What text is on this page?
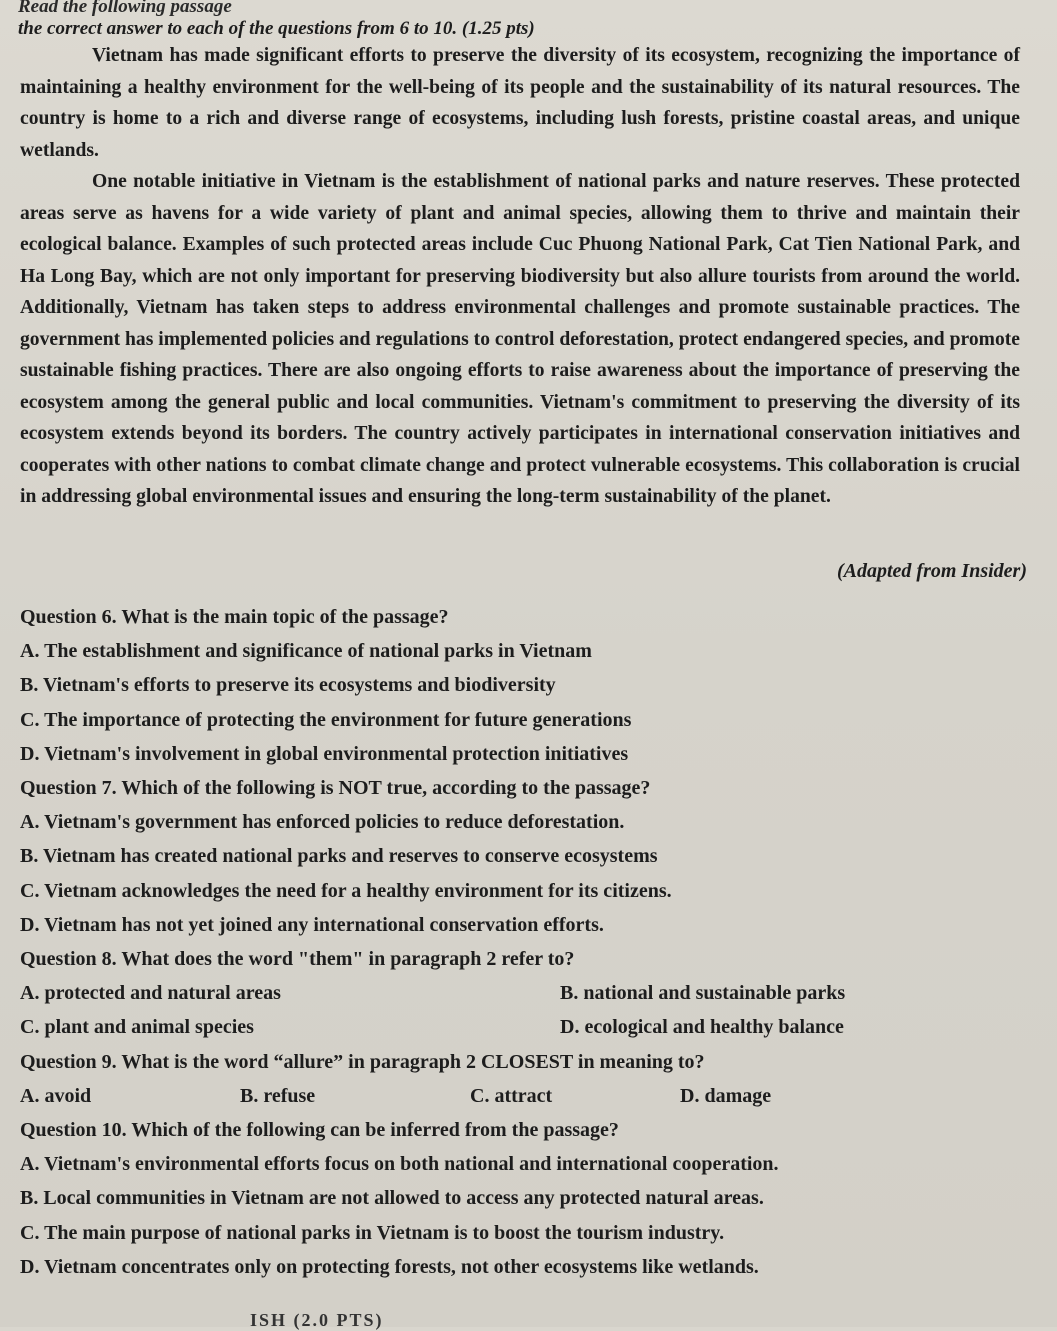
Read the following passage
the correct answer to each of the questions from 6 to 10. (1.25 pts)

Vietnam has made significant efforts to preserve the diversity of its ecosystem, recognizing the importance of maintaining a healthy environment for the well-being of its people and the sustainability of its natural resources. The country is home to a rich and diverse range of ecosystems, including lush forests, pristine coastal areas, and unique wetlands.

One notable initiative in Vietnam is the establishment of national parks and nature reserves. These protected areas serve as havens for a wide variety of plant and animal species, allowing them to thrive and maintain their ecological balance. Examples of such protected areas include Cuc Phuong National Park, Cat Tien National Park, and Ha Long Bay, which are not only important for preserving biodiversity but also allure tourists from around the world. Additionally, Vietnam has taken steps to address environmental challenges and promote sustainable practices. The government has implemented policies and regulations to control deforestation, protect endangered species, and promote sustainable fishing practices. There are also ongoing efforts to raise awareness about the importance of preserving the ecosystem among the general public and local communities. Vietnam's commitment to preserving the diversity of its ecosystem extends beyond its borders. The country actively participates in international conservation initiatives and cooperates with other nations to combat climate change and protect vulnerable ecosystems. This collaboration is crucial in addressing global environmental issues and ensuring the long-term sustainability of the planet.

(Adapted from Insider)

Question 6. What is the main topic of the passage?

A. The establishment and significance of national parks in Vietnam

B. Vietnam's efforts to preserve its ecosystems and biodiversity

C. The importance of protecting the environment for future generations

D. Vietnam's involvement in global environmental protection initiatives

Question 7. Which of the following is NOT true, according to the passage?

A. Vietnam's government has enforced policies to reduce deforestation.

B. Vietnam has created national parks and reserves to conserve ecosystems

C. Vietnam acknowledges the need for a healthy environment for its citizens.

D. Vietnam has not yet joined any international conservation efforts.

Question 8. What does the word "them" in paragraph 2 refer to?

A. protected and natural areas	B. national and sustainable parks
C. plant and animal species	D. ecological and healthy balance

Question 9. What is the word “allure” in paragraph 2 CLOSEST in meaning to?

A. avoid	B. refuse	C. attract	D. damage

Question 10. Which of the following can be inferred from the passage?

A. Vietnam's environmental efforts focus on both national and international cooperation.

B. Local communities in Vietnam are not allowed to access any protected natural areas.

C. The main purpose of national parks in Vietnam is to boost the tourism industry.

D. Vietnam concentrates only on protecting forests, not other ecosystems like wetlands.

ISH (2.0 PTS)
